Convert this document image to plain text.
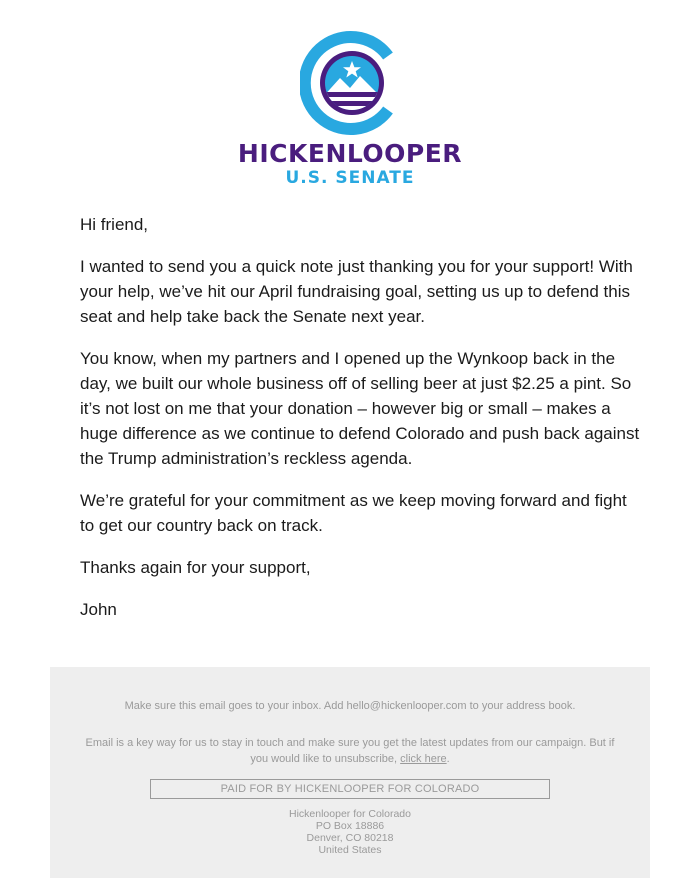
HICKENLOOPER
U.S. SENATE

Hi friend,

I wanted to send you a quick note just thanking you for your support! With your help, we’ve hit our April fundraising goal, setting us up to defend this seat and help take back the Senate next year.

You know, when my partners and I opened up the Wynkoop back in the day, we built our whole business off of selling beer at just $2.25 a pint. So it’s not lost on me that your donation – however big or small – makes a huge difference as we continue to defend Colorado and push back against the Trump administration’s reckless agenda.

We’re grateful for your commitment as we keep moving forward and fight to get our country back on track.

Thanks again for your support,

John

Make sure this email goes to your inbox. Add hello@hickenlooper.com to your address book.
Email is a key way for us to stay in touch and make sure you get the latest updates from our campaign. But if you would like to unsubscribe, click here.
PAID FOR BY HICKENLOOPER FOR COLORADO
Hickenlooper for Colorado
PO Box 18886
Denver, CO 80218
United States
